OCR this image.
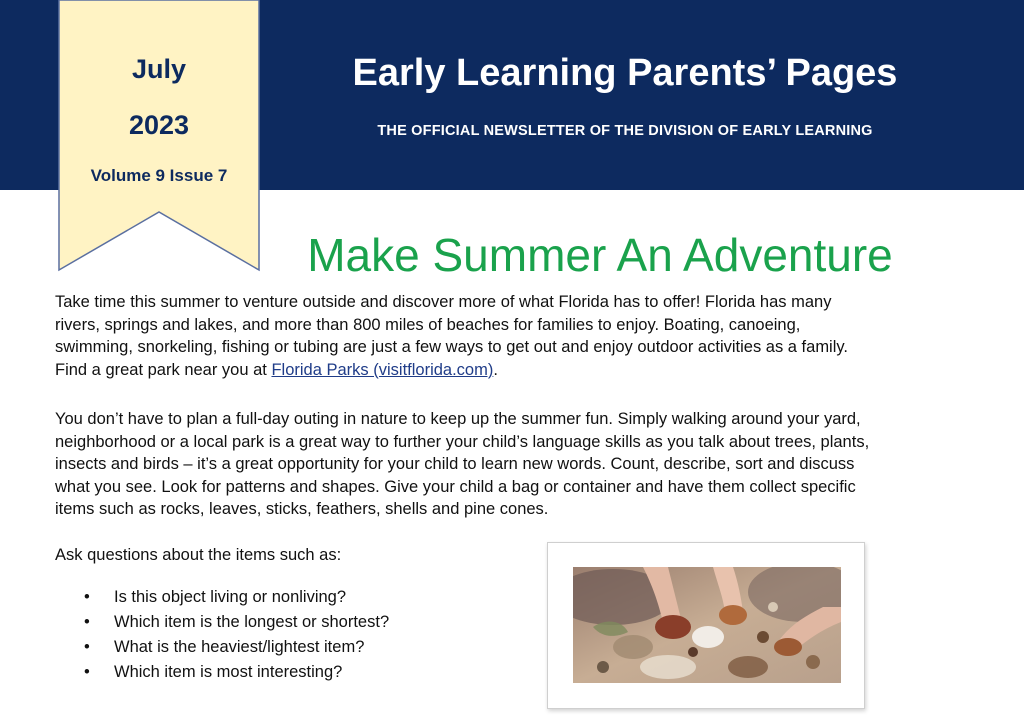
Early Learning Parents’ Pages
THE OFFICIAL NEWSLETTER OF THE DIVISION OF EARLY LEARNING
July
2023
Volume 9 Issue 7
Make Summer An Adventure
Take time this summer to venture outside and discover more of what Florida has to offer! Florida has many
rivers, springs and lakes, and more than 800 miles of beaches for families to enjoy. Boating, canoeing,
swimming, snorkeling, fishing or tubing are just a few ways to get out and enjoy outdoor activities as a family.
Find a great park near you at Florida Parks (visitflorida.com).
You don’t have to plan a full-day outing in nature to keep up the summer fun. Simply walking around your yard,
neighborhood or a local park is a great way to further your child’s language skills as you talk about trees, plants,
insects and birds – it’s a great opportunity for your child to learn new words. Count, describe, sort and discuss
what you see. Look for patterns and shapes. Give your child a bag or container and have them collect specific
items such as rocks, leaves, sticks, feathers, shells and pine cones.
Ask questions about the items such as:
• Is this object living or nonliving?
• Which item is the longest or shortest?
• What is the heaviest/lightest item?
• Which item is most interesting?
